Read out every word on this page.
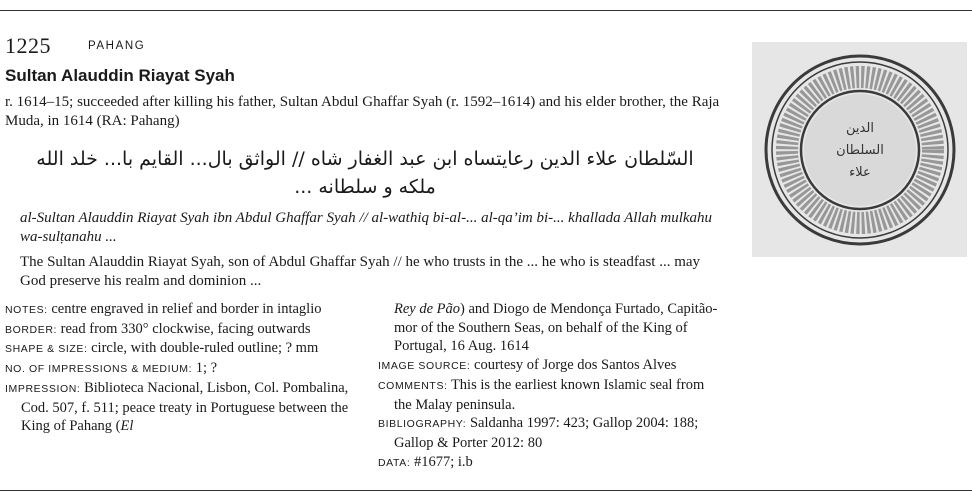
1225	PAHANG
Sultan Alauddin Riayat Syah
r. 1614–15; succeeded after killing his father, Sultan Abdul Ghaffar Syah (r. 1592–1614) and his elder brother, the Raja Muda, in 1614 (RA: Pahang)
السّلطان علاء الدين رعايتساه ابن عبد الغفار شاه // الواثق بال... القايم با... خلد الله ملكه و سلطانه ...
al-Sultan Alauddin Riayat Syah ibn Abdul Ghaffar Syah // al-wathiq bi-al-... al-qa’im bi-... khallada Allah mulkahu wa-sulṭanahu ...
The Sultan Alauddin Riayat Syah, son of Abdul Ghaffar Syah // he who trusts in the ... he who is steadfast ... may God preserve his realm and dominion ...
NOTES: centre engraved in relief and border in intaglio
BORDER: read from 330° clockwise, facing outwards
SHAPE & SIZE: circle, with double-ruled outline; ? mm
NO. OF IMPRESSIONS & MEDIUM: 1; ?
IMPRESSION: Biblioteca Nacional, Lisbon, Col. Pombalina, Cod. 507, f. 511; peace treaty in Portuguese between the King of Pahang (El
Rey de Pão) and Diogo de Mendonça Furtado, Capitão-mor of the Southern Seas, on behalf of the King of Portugal, 16 Aug. 1614
IMAGE SOURCE: courtesy of Jorge dos Santos Alves
COMMENTS: This is the earliest known Islamic seal from the Malay peninsula.
BIBLIOGRAPHY: Saldanha 1997: 423; Gallop 2004: 188; Gallop & Porter 2012: 80
DATA: #1677; i.b
الدين
السلطان
علاء
